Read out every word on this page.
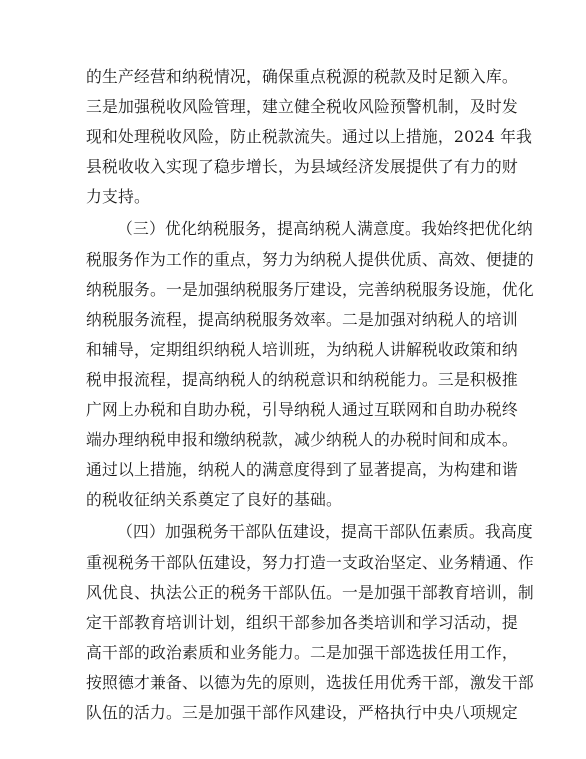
的生产经营和纳税情况，确保重点税源的税款及时足额入库。
三是加强税收风险管理，建立健全税收风险预警机制，及时发
现和处理税收风险，防止税款流失。通过以上措施，2024 年我
县税收收入实现了稳步增长，为县域经济发展提供了有力的财
力支持。
（三）优化纳税服务，提高纳税人满意度。我始终把优化纳
税服务作为工作的重点，努力为纳税人提供优质、高效、便捷的
纳税服务。一是加强纳税服务厅建设，完善纳税服务设施，优化
纳税服务流程，提高纳税服务效率。二是加强对纳税人的培训
和辅导，定期组织纳税人培训班，为纳税人讲解税收政策和纳
税申报流程，提高纳税人的纳税意识和纳税能力。三是积极推
广网上办税和自助办税，引导纳税人通过互联网和自助办税终
端办理纳税申报和缴纳税款，减少纳税人的办税时间和成本。
通过以上措施，纳税人的满意度得到了显著提高，为构建和谐
的税收征纳关系奠定了良好的基础。
（四）加强税务干部队伍建设，提高干部队伍素质。我高度
重视税务干部队伍建设，努力打造一支政治坚定、业务精通、作
风优良、执法公正的税务干部队伍。一是加强干部教育培训，制
定干部教育培训计划，组织干部参加各类培训和学习活动，提
高干部的政治素质和业务能力。二是加强干部选拔任用工作，
按照德才兼备、以德为先的原则，选拔任用优秀干部，激发干部
队伍的活力。三是加强干部作风建设，严格执行中央八项规定
